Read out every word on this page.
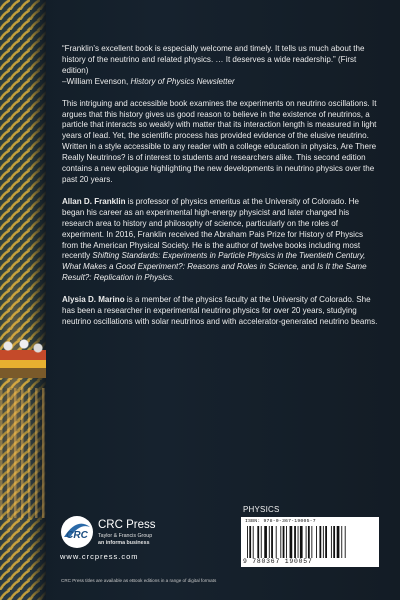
“Franklin’s excellent book is especially welcome and timely. It tells us much about the history of the neutrino and related physics. … It deserves a wide readership.” (First edition)
–William Evenson, History of Physics Newsletter

This intriguing and accessible book examines the experiments on neutrino oscillations. It argues that this history gives us good reason to believe in the existence of neutrinos, a particle that interacts so weakly with matter that its interaction length is measured in light years of lead. Yet, the scientific process has provided evidence of the elusive neutrino. Written in a style accessible to any reader with a college education in physics, Are There Really Neutrinos? is of interest to students and researchers alike. This second edition contains a new epilogue highlighting the new developments in neutrino physics over the past 20 years.

Allan D. Franklin is professor of physics emeritus at the University of Colorado. He began his career as an experimental high-energy physicist and later changed his research area to history and philosophy of science, particularly on the roles of experiment. In 2016, Franklin received the Abraham Pais Prize for History of Physics from the American Physical Society. He is the author of twelve books including most recently Shifting Standards: Experiments in Particle Physics in the Twentieth Century, What Makes a Good Experiment?: Reasons and Roles in Science, and Is It the Same Result?: Replication in Physics.

Alysia D. Marino is a member of the physics faculty at the University of Colorado. She has been a researcher in experimental neutrino physics for over 20 years, studying neutrino oscillations with solar neutrinos and with accelerator-generated neutrino beams.

PHYSICS
CRC
CRC Press
Taylor & Francis Group
an informa business
www.crcpress.com
CRC Press titles are available as eBook editions in a range of digital formats
ISBN: 978-0-367-19005-7
9 780367 190057
